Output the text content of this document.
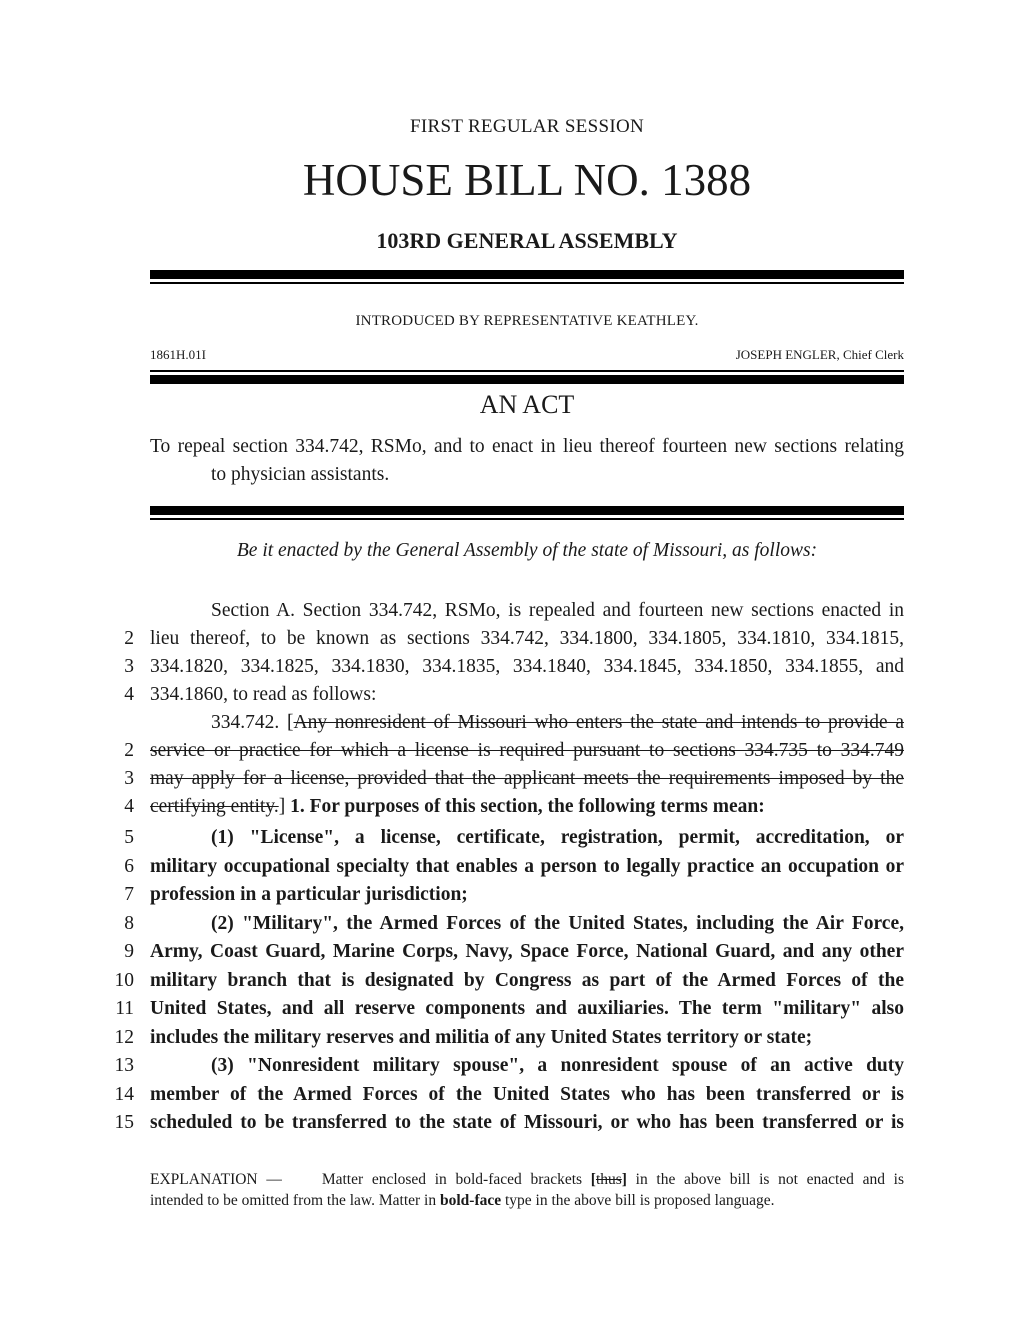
FIRST REGULAR SESSION
HOUSE BILL NO. 1388
103RD GENERAL ASSEMBLY
INTRODUCED BY REPRESENTATIVE KEATHLEY.
1861H.01I	JOSEPH ENGLER, Chief Clerk
AN ACT
To repeal section 334.742, RSMo, and to enact in lieu thereof fourteen new sections relating
to physician assistants.
Be it enacted by the General Assembly of the state of Missouri, as follows:
Section A. Section 334.742, RSMo, is repealed and fourteen new sections enacted in
2 lieu thereof, to be known as sections 334.742, 334.1800, 334.1805, 334.1810, 334.1815,
3 334.1820, 334.1825, 334.1830, 334.1835, 334.1840, 334.1845, 334.1850, 334.1855, and
4 334.1860, to read as follows:
334.742. [Any nonresident of Missouri who enters the state and intends to provide a
2 service or practice for which a license is required pursuant to sections 334.735 to 334.749
3 may apply for a license, provided that the applicant meets the requirements imposed by the
4 certifying entity.] 1. For purposes of this section, the following terms mean:
5	(1) "License", a license, certificate, registration, permit, accreditation, or
6 military occupational specialty that enables a person to legally practice an occupation or
7 profession in a particular jurisdiction;
8	(2) "Military", the Armed Forces of the United States, including the Air Force,
9 Army, Coast Guard, Marine Corps, Navy, Space Force, National Guard, and any other
10 military branch that is designated by Congress as part of the Armed Forces of the
11 United States, and all reserve components and auxiliaries. The term "military" also
12 includes the military reserves and militia of any United States territory or state;
13	(3) "Nonresident military spouse", a nonresident spouse of an active duty
14 member of the Armed Forces of the United States who has been transferred or is
15 scheduled to be transferred to the state of Missouri, or who has been transferred or is
EXPLANATION —	Matter enclosed in bold-faced brackets [thus] in the above bill is not enacted and is
intended to be omitted from the law. Matter in bold-face type in the above bill is proposed language.
